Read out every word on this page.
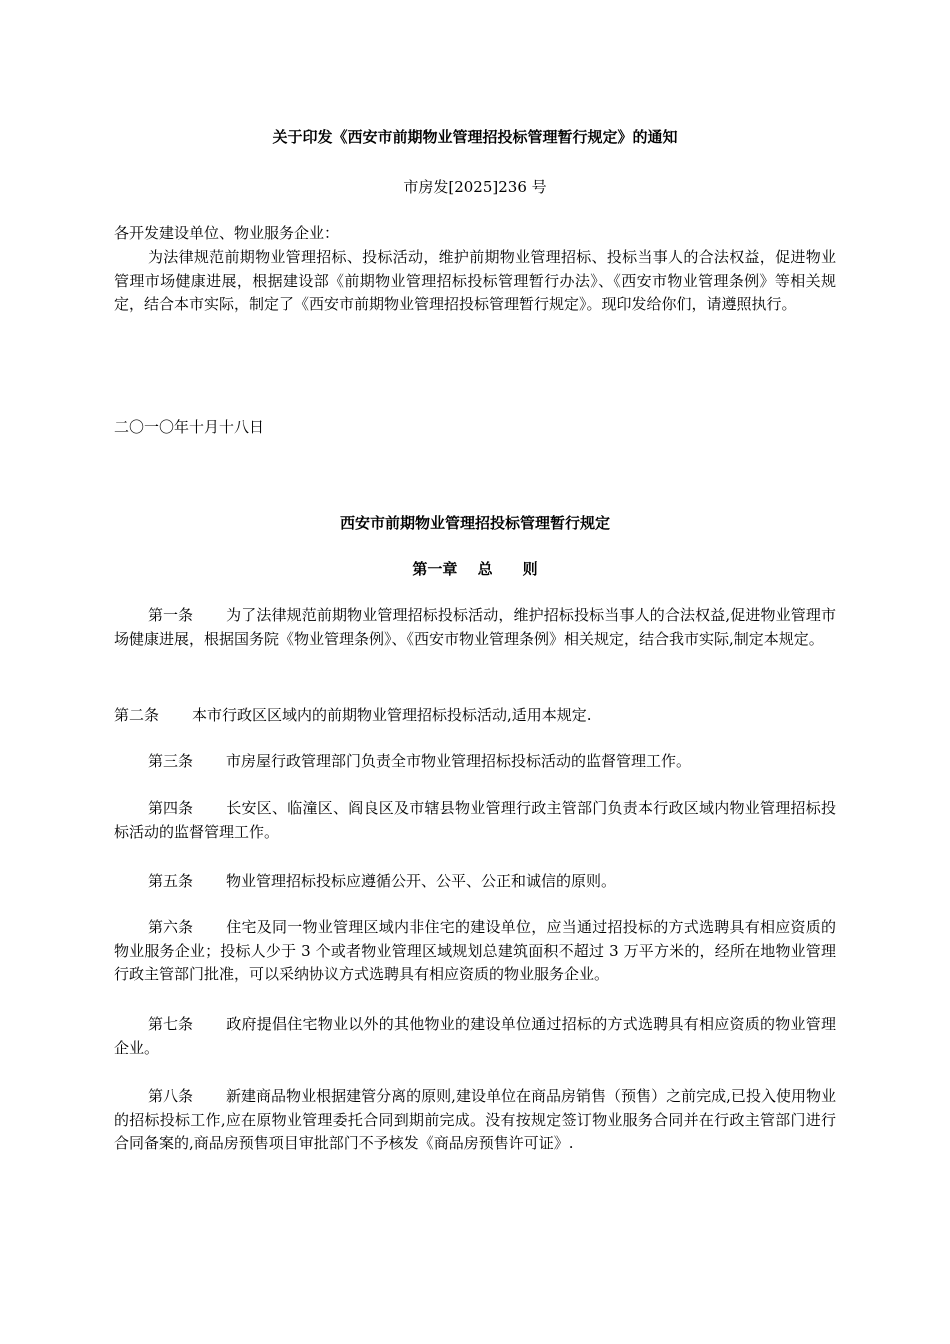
关于印发《西安市前期物业管理招投标管理暂行规定》的通知
市房发[2025]236 号
各开发建设单位、物业服务企业：
为法律规范前期物业管理招标、投标活动，维护前期物业管理招标、投标当事人的合法权益，促进物业管理市场健康进展，根据建设部《前期物业管理招标投标管理暂行办法》、《西安市物业管理条例》等相关规定，结合本市实际，制定了《西安市前期物业管理招投标管理暂行规定》。现印发给你们，请遵照执行。
二〇一〇年十月十八日
西安市前期物业管理招投标管理暂行规定
第一章　 总　　则
第一条 为了法律规范前期物业管理招标投标活动，维护招标投标当事人的合法权益,促进物业管理市场健康进展，根据国务院《物业管理条例》、《西安市物业管理条例》相关规定，结合我市实际,制定本规定。
第二条 本市行政区区域内的前期物业管理招标投标活动,适用本规定.
第三条 市房屋行政管理部门负责全市物业管理招标投标活动的监督管理工作。
第四条 长安区、临潼区、阎良区及市辖县物业管理行政主管部门负责本行政区域内物业管理招标投标活动的监督管理工作。
第五条 物业管理招标投标应遵循公开、公平、公正和诚信的原则。
第六条 住宅及同一物业管理区域内非住宅的建设单位，应当通过招投标的方式选聘具有相应资质的物业服务企业；投标人少于 3 个或者物业管理区域规划总建筑面积不超过 3 万平方米的，经所在地物业管理行政主管部门批准，可以采纳协议方式选聘具有相应资质的物业服务企业。
第七条 政府提倡住宅物业以外的其他物业的建设单位通过招标的方式选聘具有相应资质的物业管理企业。
第八条 新建商品物业根据建管分离的原则,建设单位在商品房销售（预售）之前完成,已投入使用物业的招标投标工作,应在原物业管理委托合同到期前完成。没有按规定签订物业服务合同并在行政主管部门进行合同备案的,商品房预售项目审批部门不予核发《商品房预售许可证》.
